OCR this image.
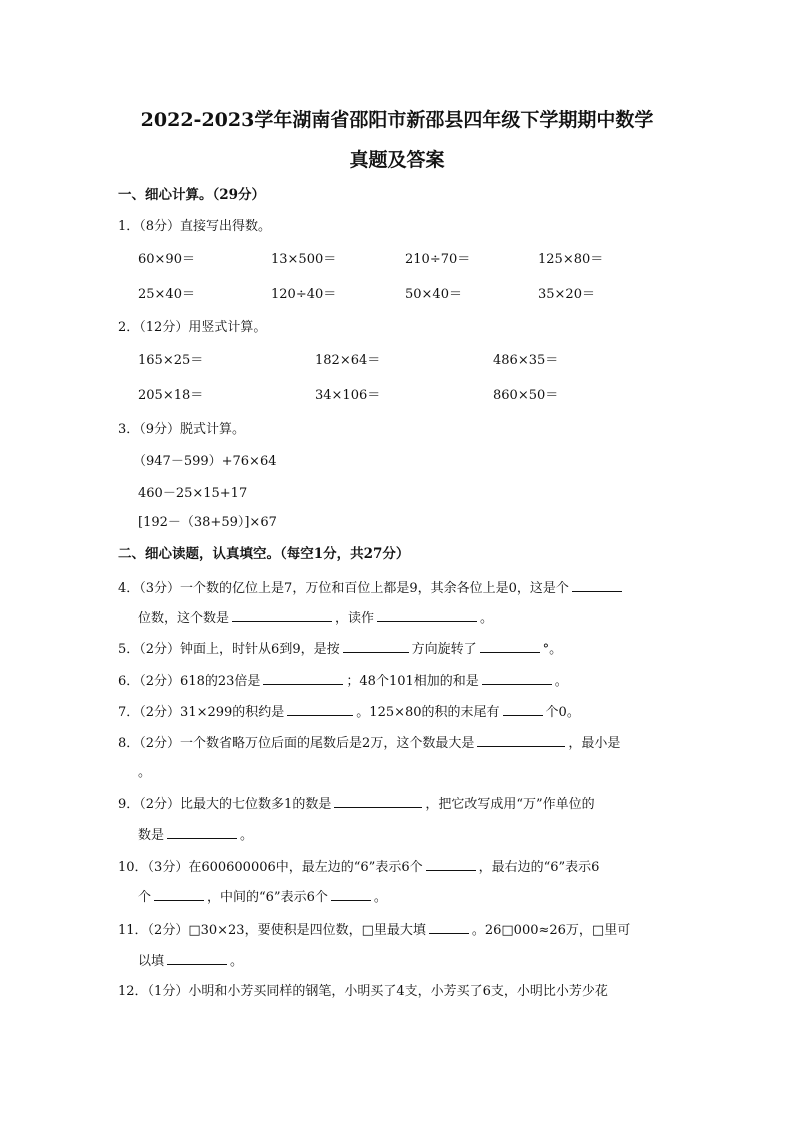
2022-2023学年湖南省邵阳市新邵县四年级下学期期中数学
真题及答案
一、细心计算。（29分）
1．（8分）直接写出得数。
60×90＝	13×500＝	210÷70＝	125×80＝
25×40＝	120÷40＝	50×40＝	35×20＝
2．（12分）用竖式计算。
165×25＝	182×64＝	486×35＝
205×18＝	34×106＝	860×50＝
3．（9分）脱式计算。
（947－599）+76×64
460－25×15+17
[192－（38+59）]×67
二、细心读题，认真填空。（每空1分，共27分）
4．（3分）一个数的亿位上是7，万位和百位上都是9，其余各位上是0，这是个
位数，这个数是	，读作	。
5．（2分）钟面上，时针从6到9，是按	方向旋转了	°。
6．（2分）618的23倍是	；48个101相加的和是	。
7．（2分）31×299的积约是	。125×80的积的末尾有	个0。
8．（2分）一个数省略万位后面的尾数后是2万，这个数最大是	，最小是
。
9．（2分）比最大的七位数多1的数是	，把它改写成用“万”作单位的
数是	。
10．（3分）在600600006中，最左边的“6”表示6个	，最右边的“6”表示6
个	，中间的“6”表示6个	。
11．（2分）□30×23，要使积是四位数，□里最大填	。26□000≈26万，□里可
以填	。
12．（1分）小明和小芳买同样的钢笔，小明买了4支，小芳买了6支，小明比小芳少花
